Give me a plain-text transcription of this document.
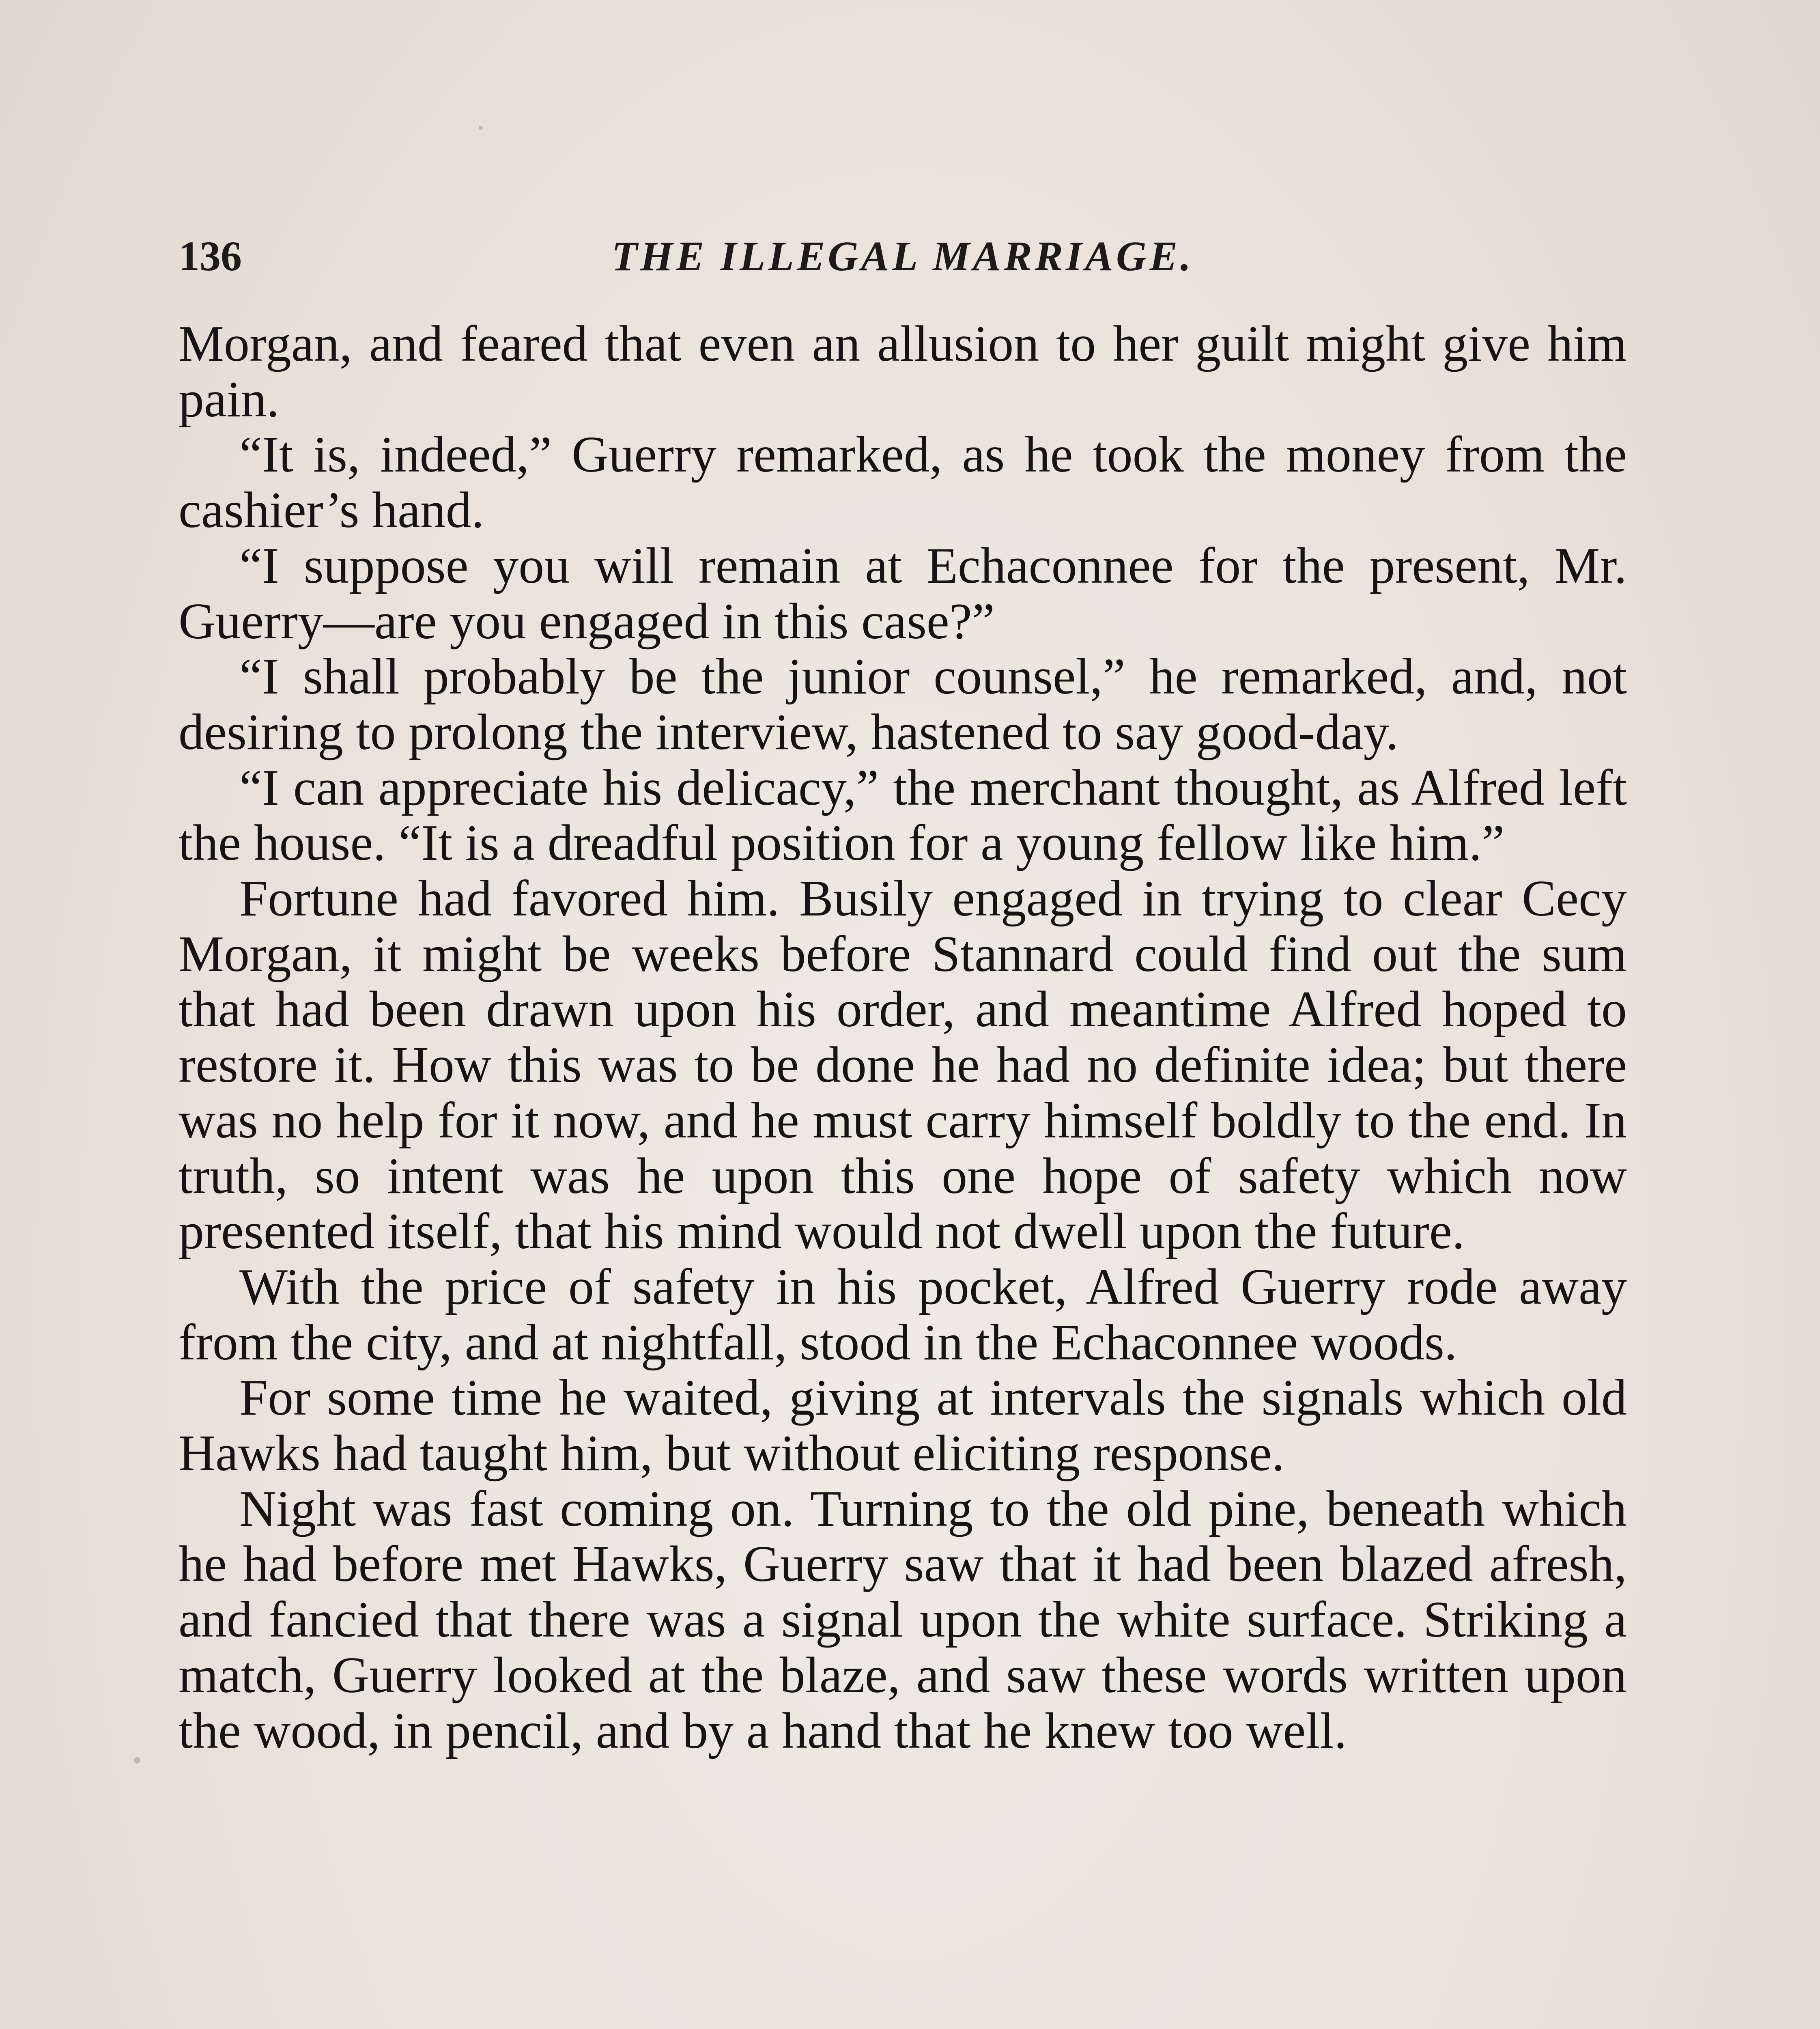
136	THE ILLEGAL MARRIAGE.

Morgan, and feared that even an allusion to her guilt might give him pain.

“It is, indeed,” Guerry remarked, as he took the money from the cashier’s hand.

“I suppose you will remain at Echaconnee for the present, Mr. Guerry—are you engaged in this case?”

“I shall probably be the junior counsel,” he remarked, and, not desiring to prolong the interview, hastened to say good-day.

“I can appreciate his delicacy,” the merchant thought, as Alfred left the house. “It is a dreadful position for a young fellow like him.”

Fortune had favored him. Busily engaged in trying to clear Cecy Morgan, it might be weeks before Stannard could find out the sum that had been drawn upon his order, and meantime Alfred hoped to restore it. How this was to be done he had no definite idea; but there was no help for it now, and he must carry himself boldly to the end. In truth, so intent was he upon this one hope of safety which now presented itself, that his mind would not dwell upon the future.

With the price of safety in his pocket, Alfred Guerry rode away from the city, and at nightfall, stood in the Echaconnee woods.

For some time he waited, giving at intervals the signals which old Hawks had taught him, but without eliciting response.

Night was fast coming on. Turning to the old pine, beneath which he had before met Hawks, Guerry saw that it had been blazed afresh, and fancied that there was a signal upon the white surface. Striking a match, Guerry looked at the blaze, and saw these words written upon the wood, in pencil, and by a hand that he knew too well.
